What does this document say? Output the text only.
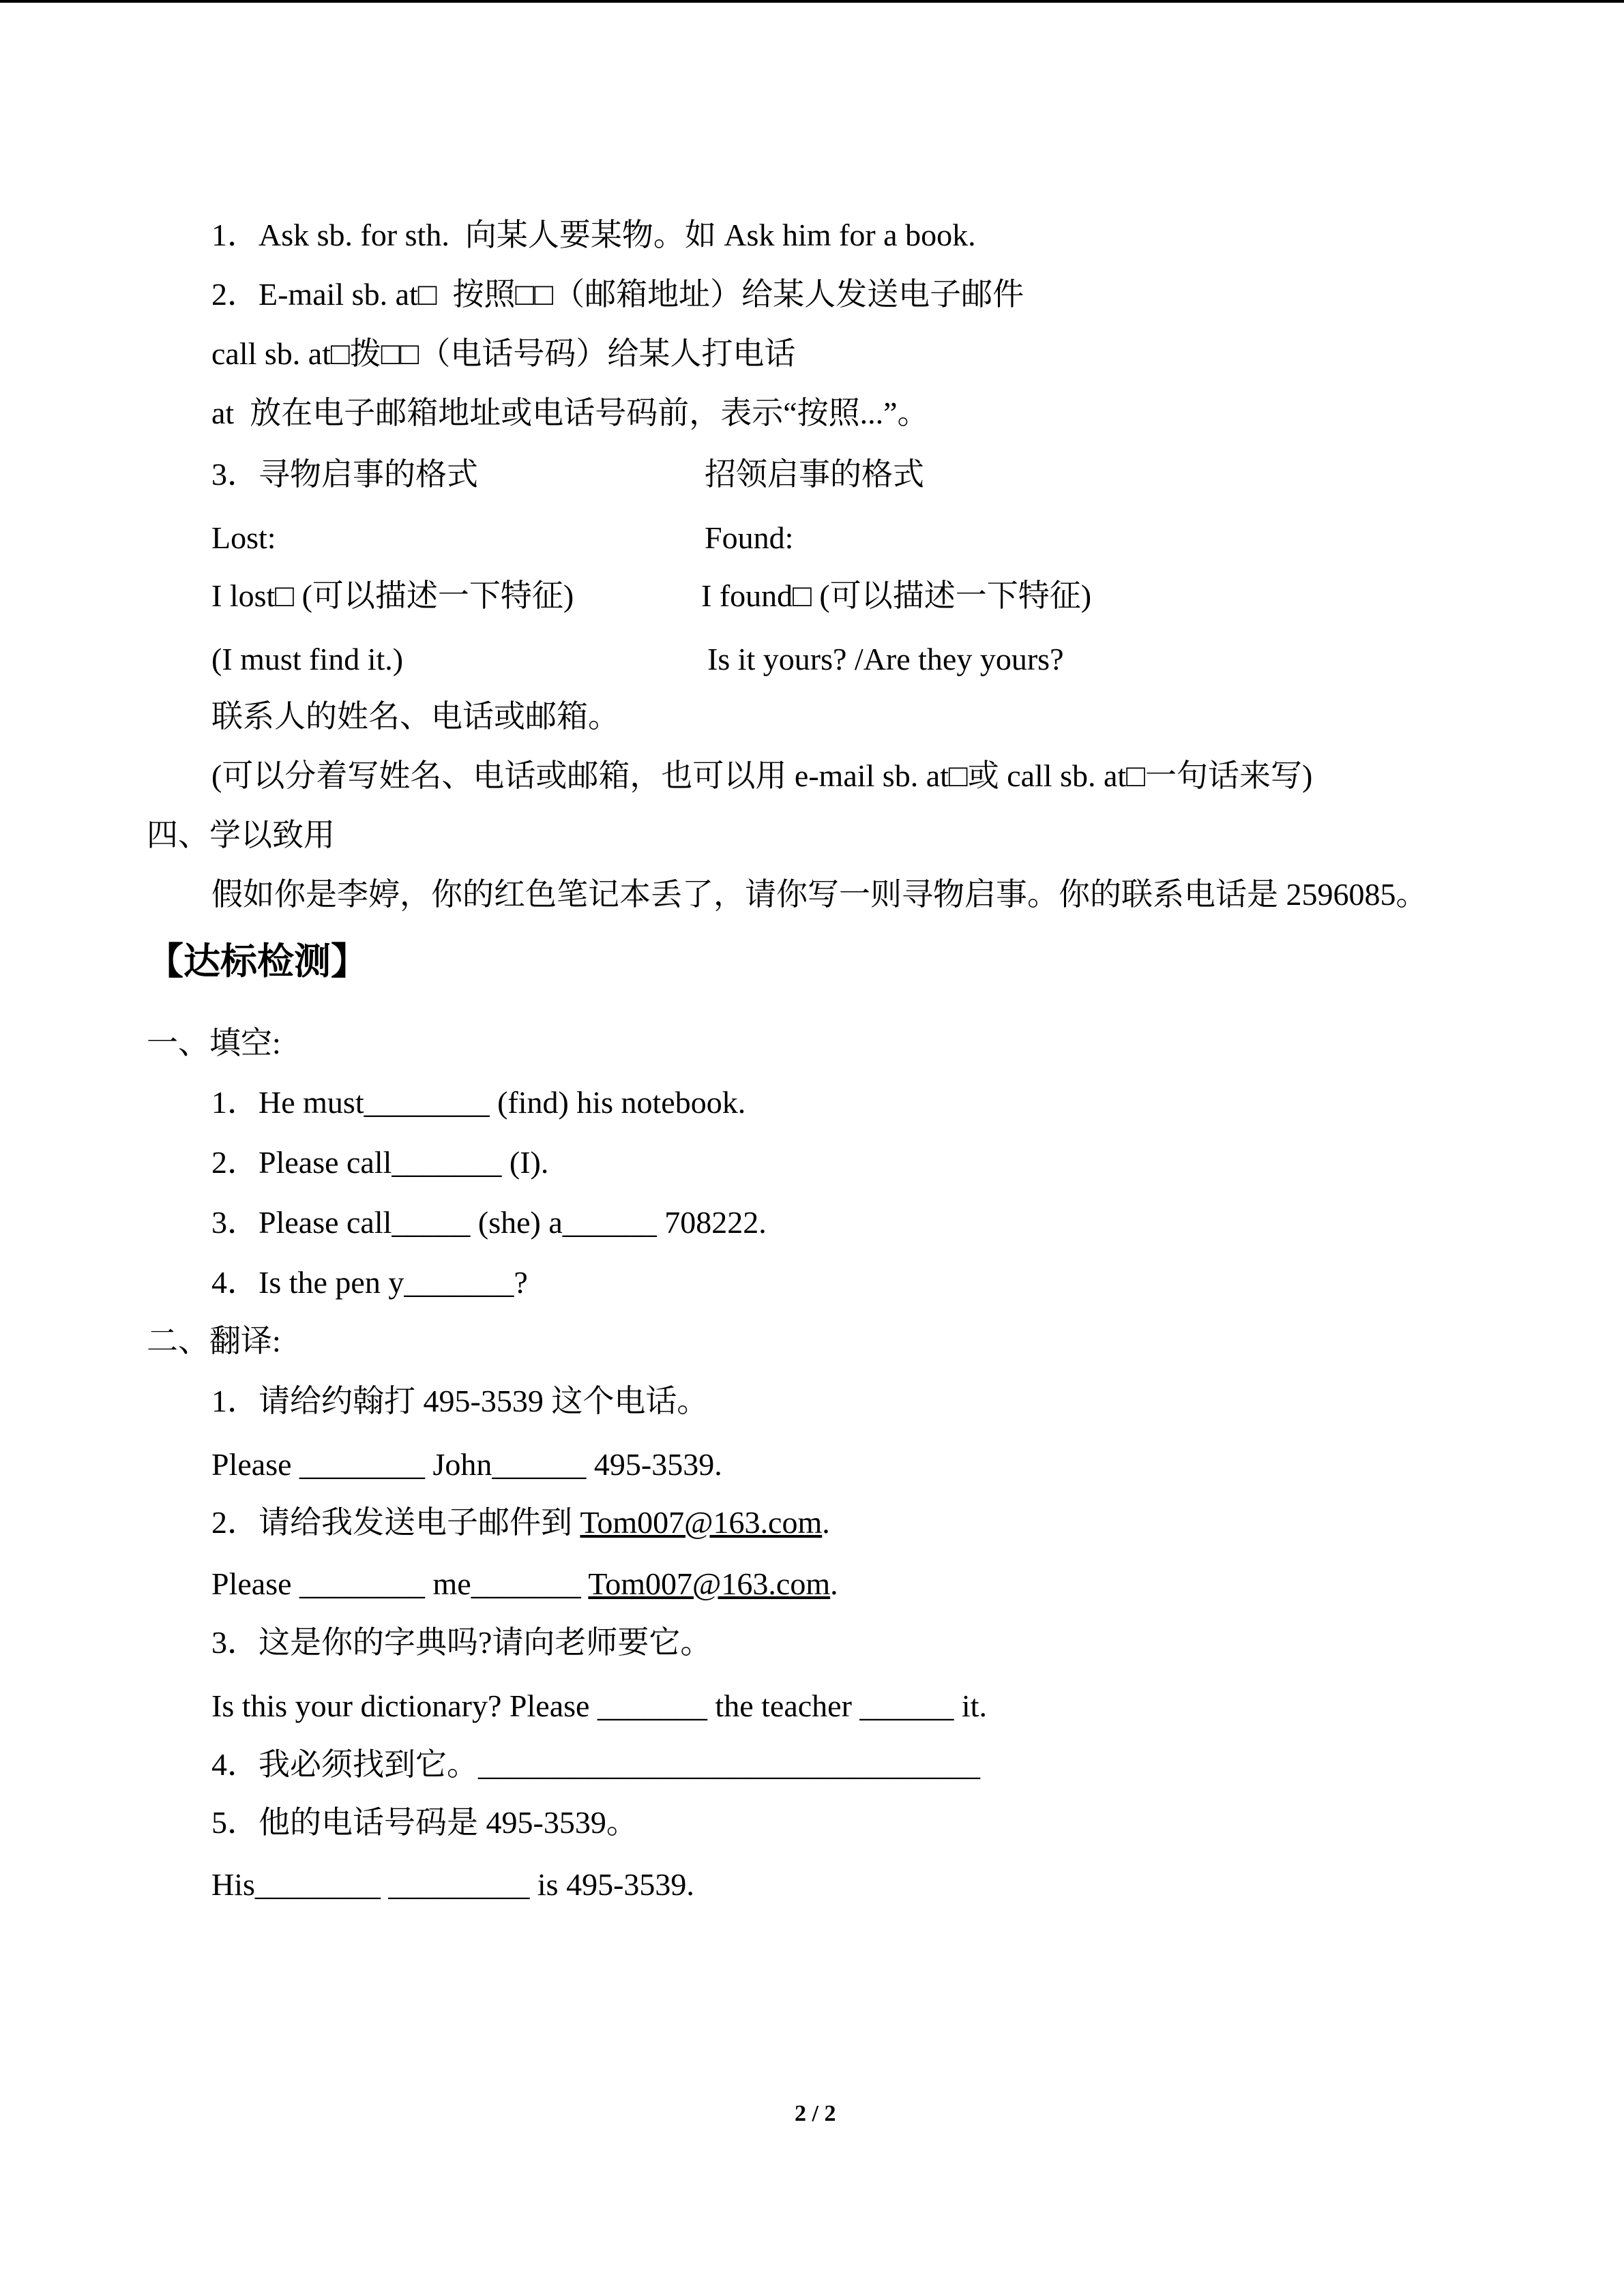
1．Ask sb. for sth.  向某人要某物。如 Ask him for a book.
2．E-mail sb. at□  按照□□（邮箱地址）给某人发送电子邮件
call sb. at□拨□□（电话号码）给某人打电话
at  放在电子邮箱地址或电话号码前，表示“按照...”。
3．寻物启事的格式	招领启事的格式
Lost:	Found:
I lost□ (可以描述一下特征)	I found□ (可以描述一下特征)
(I must find it.)	Is it yours? /Are they yours?
联系人的姓名、电话或邮箱。
(可以分着写姓名、电话或邮箱，也可以用 e-mail sb. at□或 call sb. at□一句话来写)
四、学以致用
假如你是李婷，你的红色笔记本丢了，请你写一则寻物启事。你的联系电话是 2596085。
【达标检测】
一、填空:
1．He must________ (find) his notebook.
2．Please call_______ (I).
3．Please call_____ (she) a______ 708222.
4．Is the pen y_______?
二、翻译:
1．请给约翰打 495-3539 这个电话。
Please ________ John______ 495-3539.
2．请给我发送电子邮件到 Tom007@163.com.
Please ________ me_______ Tom007@163.com.
3．这是你的字典吗?请向老师要它。
Is this your dictionary? Please _______ the teacher ______ it.
4．我必须找到它。________________________________
5．他的电话号码是 495-3539。
His________ _________ is 495-3539.
2 / 2
